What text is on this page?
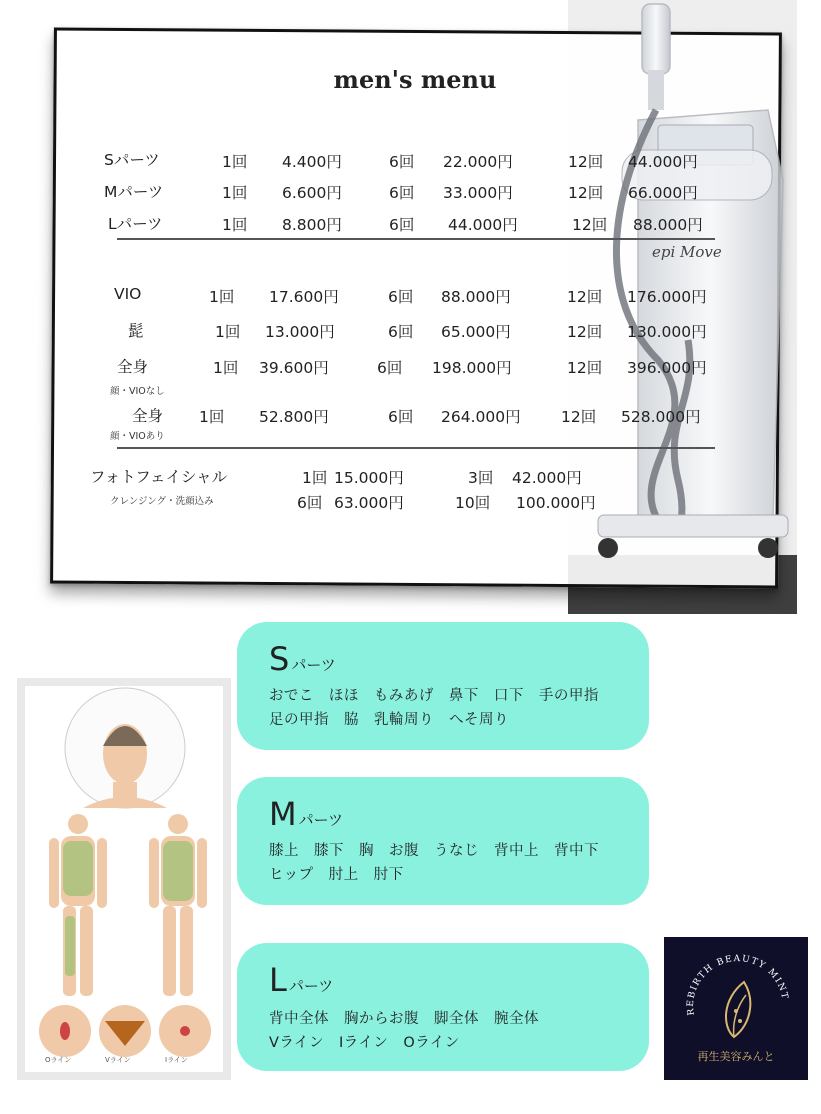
epi Move
men's menu
Sパーツ	1回 4.400円	6回 22.000円	12回 44.000円
Mパーツ	1回 6.600円	6回 33.000円	12回 66.000円
Lパーツ	1回 8.800円	6回 44.000円	12回 88.000円
VIO	1回 17.600円	6回 88.000円	12回 176.000円
髭	1回 13.000円	6回 65.000円	12回 130.000円
全身
顔・VIOなし
1回 39.600円	6回 198.000円	12回 396.000円
全身
顔・VIOあり
1回 52.800円	6回 264.000円	12回 528.000円
フォトフェイシャル
クレンジング・洗顔込み
1回 15.000円	3回 42.000円
6回 63.000円	10回 100.000円
Oライン	Vライン	Iライン
Sパーツ
おでこ　ほほ　もみあげ　鼻下　口下　手の甲指
足の甲指　脇　乳輪周り　へそ周り
Mパーツ
膝上　膝下　胸　お腹　うなじ　背中上　背中下
ヒップ　肘上　肘下
Lパーツ
背中全体　胸からお腹　脚全体　腕全体
Vライン　Iライン　Oライン
REBIRTH BEAUTY MINT
再生美容みんと
